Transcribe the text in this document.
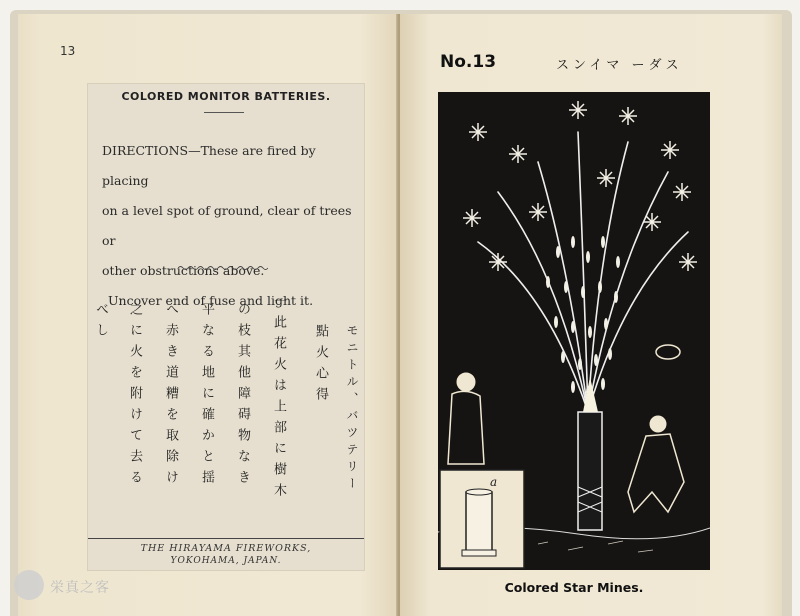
13
COLORED MONITOR BATTERIES.

DIRECTIONS—These are fired by placing

on a level spot of ground, clear of trees or

other obstructions above.

Uncover end of fuse and light it.

モニトル、バツテリー
點火心得
一此花火は上部に樹木
の枝其他障碍物なき
平なる地に確かと揺
へ赤き道糟を取除け
之に火を附けて去る
べし
THE HIRAYAMA FIREWORKS,
YOKOHAMA, JAPAN.
No.13	スンイマ ーダス
a
Colored Star Mines.
栄真之客
